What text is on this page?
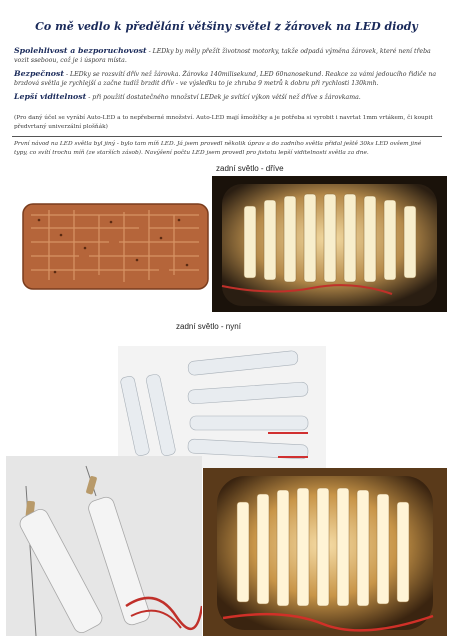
Co mě vedlo k předělání většiny světel z žárovek na LED diody
Spolehlivost a bezporuchovost - LEDky by měly přežít životnost motorky, takže odpadá výměna žárovek, které není třeba vozit sseboou, což je i úspora místa.
Bezpečnost - LEDky se rozsvítí dřív než žárovka. Žárovka 140milisekund, LED 60nanosekund. Reakce za vámi jedoucího řidiče na brzdová světla je rychlejší a začne tudíž brzdit dřív - ve výsledku to je zhruba 9 metrů k dobru při rychlosti 130kmh.
Lepší viditelnost - při použití dostatečného množství LEDek je svítící výkon větší než dříve s žárovkama.
(Pro daný účel se vyrábí Auto-LED a to nepřeberné množství. Auto-LED mají šmožičky a je potřeba si vyrobit i navrtat 1mm vrtákem, či koupit předvrtaný univerzální plošňák)
První návod na LED světla byl jiný - bylo tam míň LED. Já jsem provedl několik úprav a do zadního světla přidal ještě 30ks LED ovšem jiné typy, co svítí trochu míň (ze starších zásob). Navýšení počtu LED jsem provedl pro jistotu lepší viditelnosti světla za dne.
zadní světlo - dříve
zadní světlo - nyní
